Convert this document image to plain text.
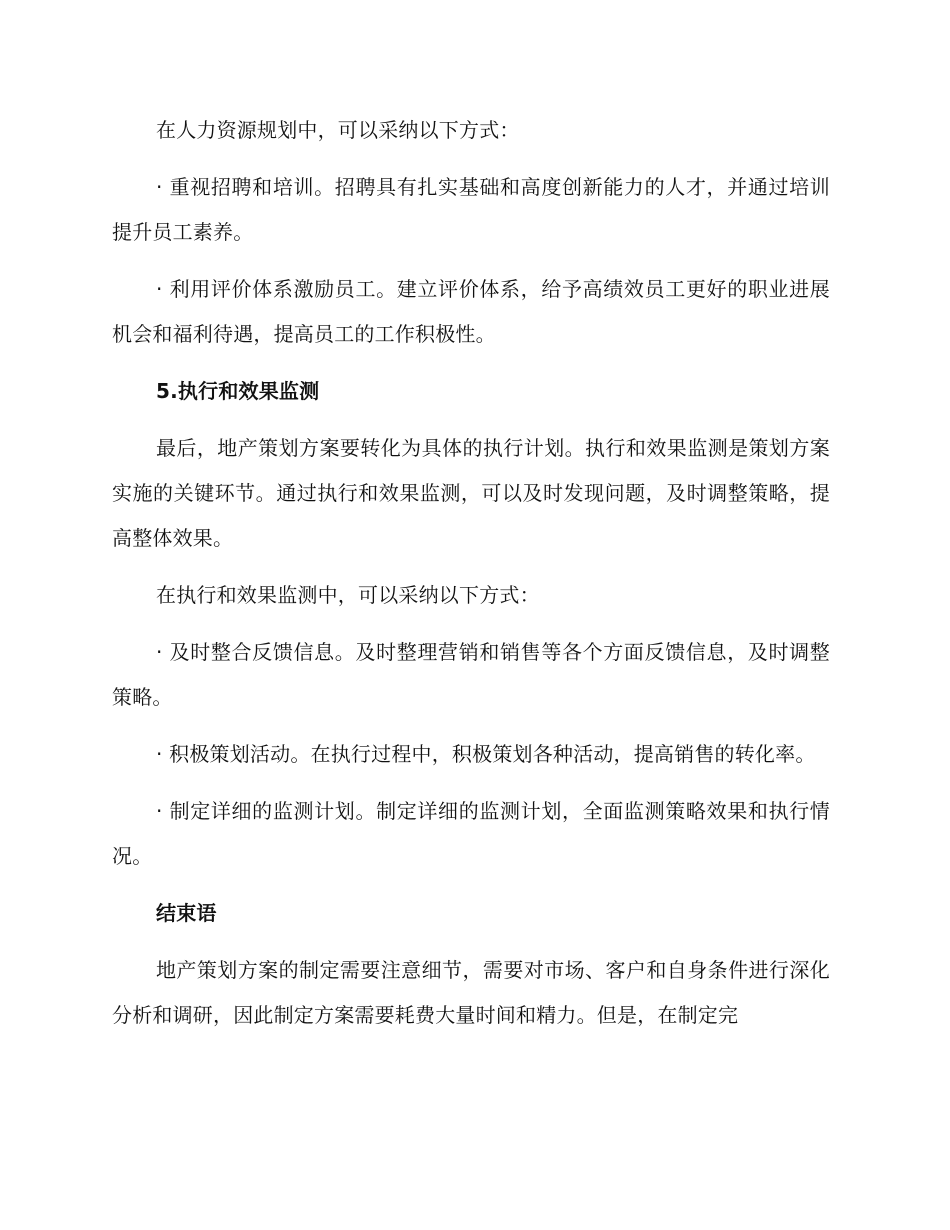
在人力资源规划中，可以采纳以下方式：

· 重视招聘和培训。招聘具有扎实基础和高度创新能力的人才，并通过培训提升员工素养。

· 利用评价体系激励员工。建立评价体系，给予高绩效员工更好的职业进展机会和福利待遇，提高员工的工作积极性。

5.执行和效果监测

最后，地产策划方案要转化为具体的执行计划。执行和效果监测是策划方案实施的关键环节。通过执行和效果监测，可以及时发现问题，及时调整策略，提高整体效果。

在执行和效果监测中，可以采纳以下方式：

· 及时整合反馈信息。及时整理营销和销售等各个方面反馈信息，及时调整策略。

· 积极策划活动。在执行过程中，积极策划各种活动，提高销售的转化率。

· 制定详细的监测计划。制定详细的监测计划，全面监测策略效果和执行情况。

结束语

地产策划方案的制定需要注意细节，需要对市场、客户和自身条件进行深化分析和调研，因此制定方案需要耗费大量时间和精力。但是，在制定完
